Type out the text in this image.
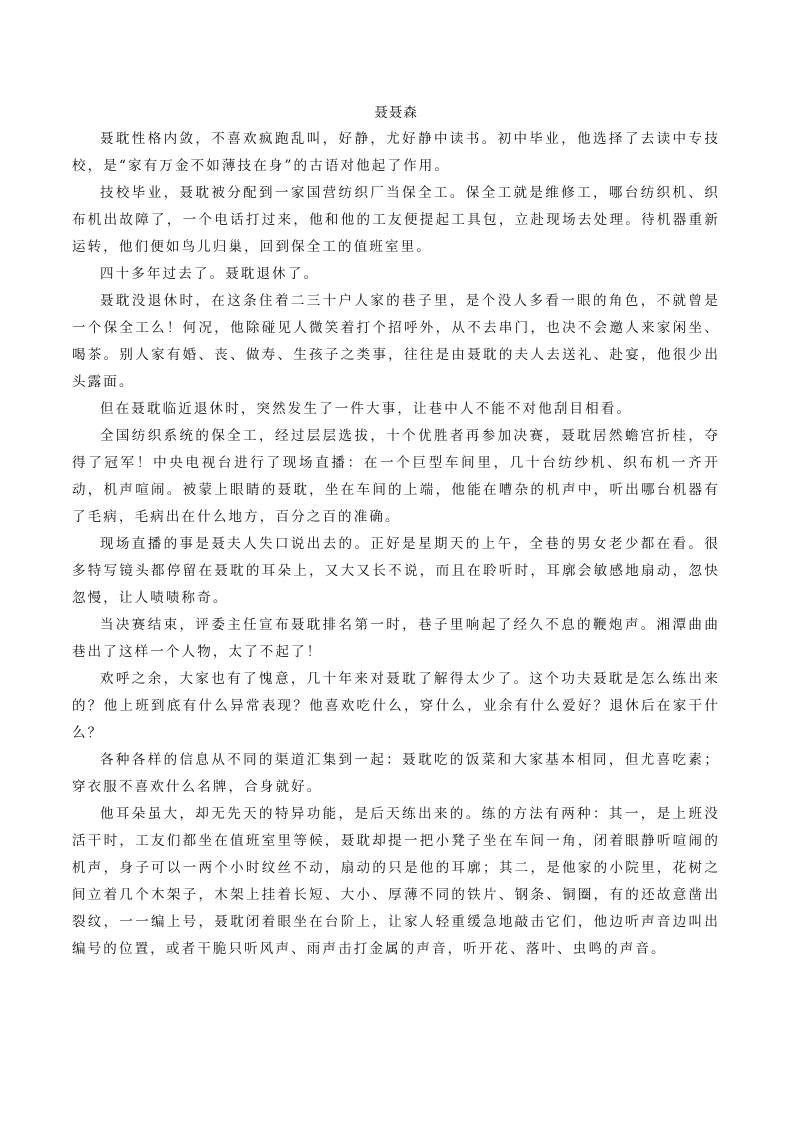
聂聂森

聂耽性格内敛，不喜欢疯跑乱叫，好静，尤好静中读书。初中毕业，他选择了去读中专技校，是“家有万金不如薄技在身”的古语对他起了作用。

技校毕业，聂耽被分配到一家国营纺织厂当保全工。保全工就是维修工，哪台纺织机、织布机出故障了，一个电话打过来，他和他的工友便提起工具包，立赴现场去处理。待机器重新运转，他们便如鸟儿归巢，回到保全工的值班室里。

四十多年过去了。聂耽退休了。

聂耽没退休时，在这条住着二三十户人家的巷子里，是个没人多看一眼的角色，不就曾是一个保全工么！何况，他除碰见人微笑着打个招呼外，从不去串门，也决不会邀人来家闲坐、喝茶。别人家有婚、丧、做寿、生孩子之类事，往往是由聂耽的夫人去送礼、赴宴，他很少出头露面。

但在聂耽临近退休时，突然发生了一件大事，让巷中人不能不对他刮目相看。

全国纺织系统的保全工，经过层层选拔，十个优胜者再参加决赛，聂耽居然蟾宫折桂，夺得了冠军！中央电视台进行了现场直播：在一个巨型车间里，几十台纺纱机、织布机一齐开动，机声喧闹。被蒙上眼睛的聂耽，坐在车间的上端，他能在嘈杂的机声中，听出哪台机器有了毛病，毛病出在什么地方，百分之百的准确。

现场直播的事是聂夫人失口说出去的。正好是星期天的上午，全巷的男女老少都在看。很多特写镜头都停留在聂耽的耳朵上，又大又长不说，而且在聆听时，耳廓会敏感地扇动，忽快忽慢，让人啧啧称奇。

当决赛结束，评委主任宣布聂耽排名第一时，巷子里响起了经久不息的鞭炮声。湘潭曲曲巷出了这样一个人物，太了不起了！

欢呼之余，大家也有了愧意，几十年来对聂耽了解得太少了。这个功夫聂耽是怎么练出来的？他上班到底有什么异常表现？他喜欢吃什么，穿什么，业余有什么爱好？退休后在家干什么？

各种各样的信息从不同的渠道汇集到一起：聂耽吃的饭菜和大家基本相同，但尤喜吃素；穿衣服不喜欢什么名牌，合身就好。

他耳朵虽大，却无先天的特异功能，是后天练出来的。练的方法有两种：其一，是上班没活干时，工友们都坐在值班室里等候，聂耽却提一把小凳子坐在车间一角，闭着眼静听喧闹的机声，身子可以一两个小时纹丝不动，扇动的只是他的耳廓；其二，是他家的小院里，花树之间立着几个木架子，木架上挂着长短、大小、厚薄不同的铁片、钢条、铜圈，有的还故意凿出裂纹，一一编上号，聂耽闭着眼坐在台阶上，让家人轻重缓急地敲击它们，他边听声音边叫出编号的位置，或者干脆只听风声、雨声击打金属的声音，听开花、落叶、虫鸣的声音。
